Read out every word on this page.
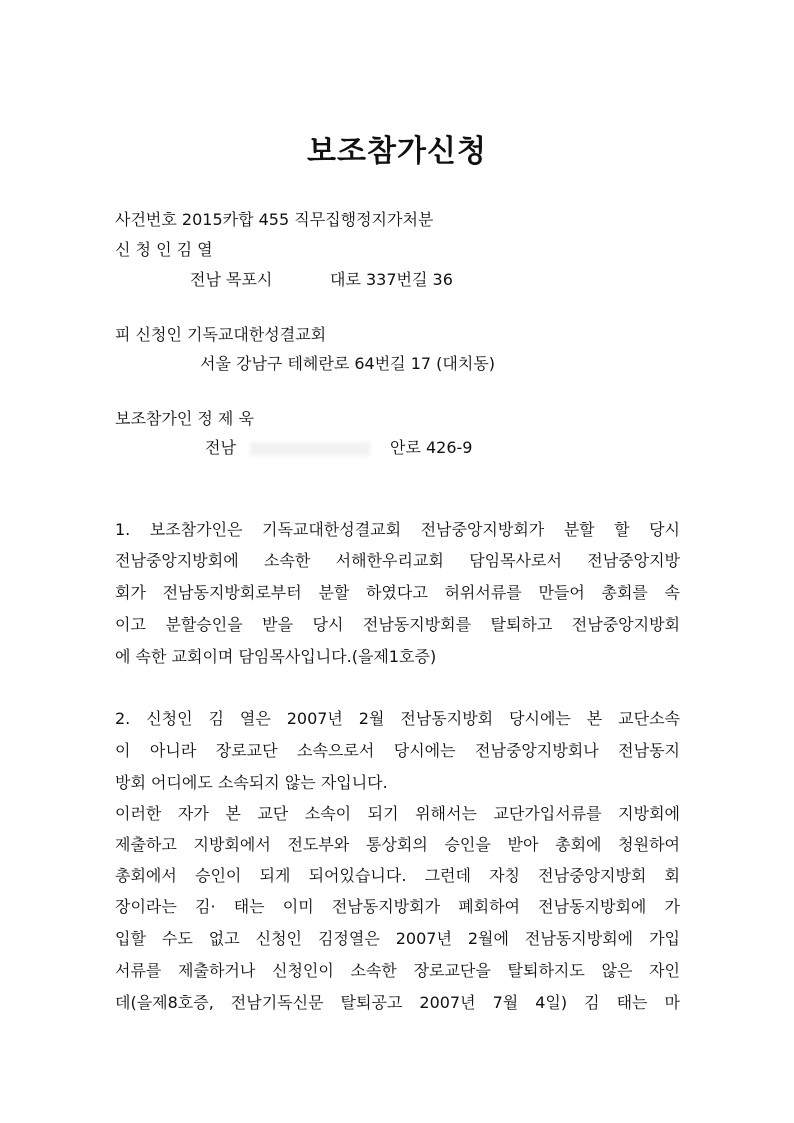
보조참가신청
사건번호 2015카합 455 직무집행정지가처분
신 청 인 김 열
전남 목포시	대로 337번길 36
피 신청인 기독교대한성결교회
서울 강남구 테헤란로 64번길 17 (대치동)
보조참가인 정 제 욱
전남	안로 426-9
1. 보조참가인은 기독교대한성결교회 전남중앙지방회가 분할 할 당시
전남중앙지방회에 소속한 서해한우리교회 담임목사로서 전남중앙지방
회가 전남동지방회로부터 분할 하였다고 허위서류를 만들어 총회를 속
이고 분할승인을 받을 당시 전남동지방회를 탈퇴하고 전남중앙지방회
에 속한 교회이며 담임목사입니다.(을제1호증)
2. 신청인 김 열은 2007년 2월 전남동지방회 당시에는 본 교단소속
이 아니라 장로교단 소속으로서 당시에는 전남중앙지방회나 전남동지
방회 어디에도 소속되지 않는 자입니다.
이러한 자가 본 교단 소속이 되기 위해서는 교단가입서류를 지방회에
제출하고 지방회에서 전도부와 통상회의 승인을 받아 총회에 청원하여
총회에서 승인이 되게 되어있습니다. 그런데 자칭 전남중앙지방회 회
장이라는 김· 태는 이미 전남동지방회가 폐회하여 전남동지방회에 가
입할 수도 없고 신청인 김정열은 2007년 2월에 전남동지방회에 가입
서류를 제출하거나 신청인이 소속한 장로교단을 탈퇴하지도 않은 자인
데(을제8호증, 전남기독신문 탈퇴공고 2007년 7월 4일) 김 태는 마
